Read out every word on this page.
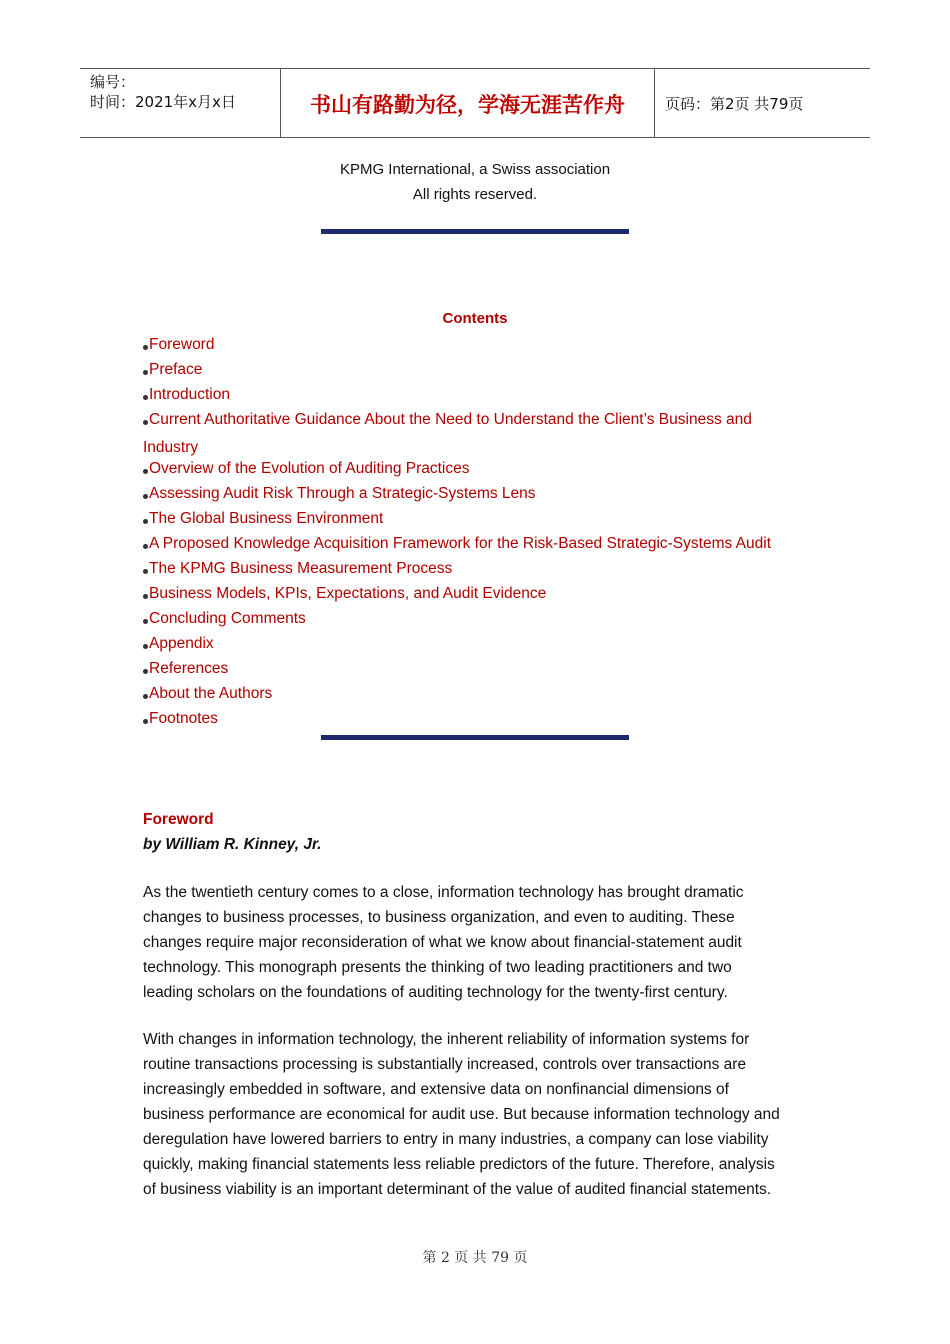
编号：
时间：2021年x月x日	书山有路勤为径，学海无涯苦作舟	页码：第2页 共79页
KPMG International, a Swiss association
All rights reserved.
Contents
Foreword
Preface
Introduction
Current Authoritative Guidance About the Need to Understand the Client’s Business and
Industry
Overview of the Evolution of Auditing Practices
Assessing Audit Risk Through a Strategic-Systems Lens
The Global Business Environment
A Proposed Knowledge Acquisition Framework for the Risk-Based Strategic-Systems Audit
The KPMG Business Measurement Process
Business Models, KPIs, Expectations, and Audit Evidence
Concluding Comments
Appendix
References
About the Authors
Footnotes
Foreword
by William R. Kinney, Jr.

As the twentieth century comes to a close, information technology has brought dramatic
changes to business processes, to business organization, and even to auditing. These
changes require major reconsideration of what we know about financial-statement audit
technology. This monograph presents the thinking of two leading practitioners and two
leading scholars on the foundations of auditing technology for the twenty-first century.

With changes in information technology, the inherent reliability of information systems for
routine transactions processing is substantially increased, controls over transactions are
increasingly embedded in software, and extensive data on nonfinancial dimensions of
business performance are economical for audit use. But because information technology and
deregulation have lowered barriers to entry in many industries, a company can lose viability
quickly, making financial statements less reliable predictors of the future. Therefore, analysis
of business viability is an important determinant of the value of audited financial statements.

第 2 页 共 79 页
